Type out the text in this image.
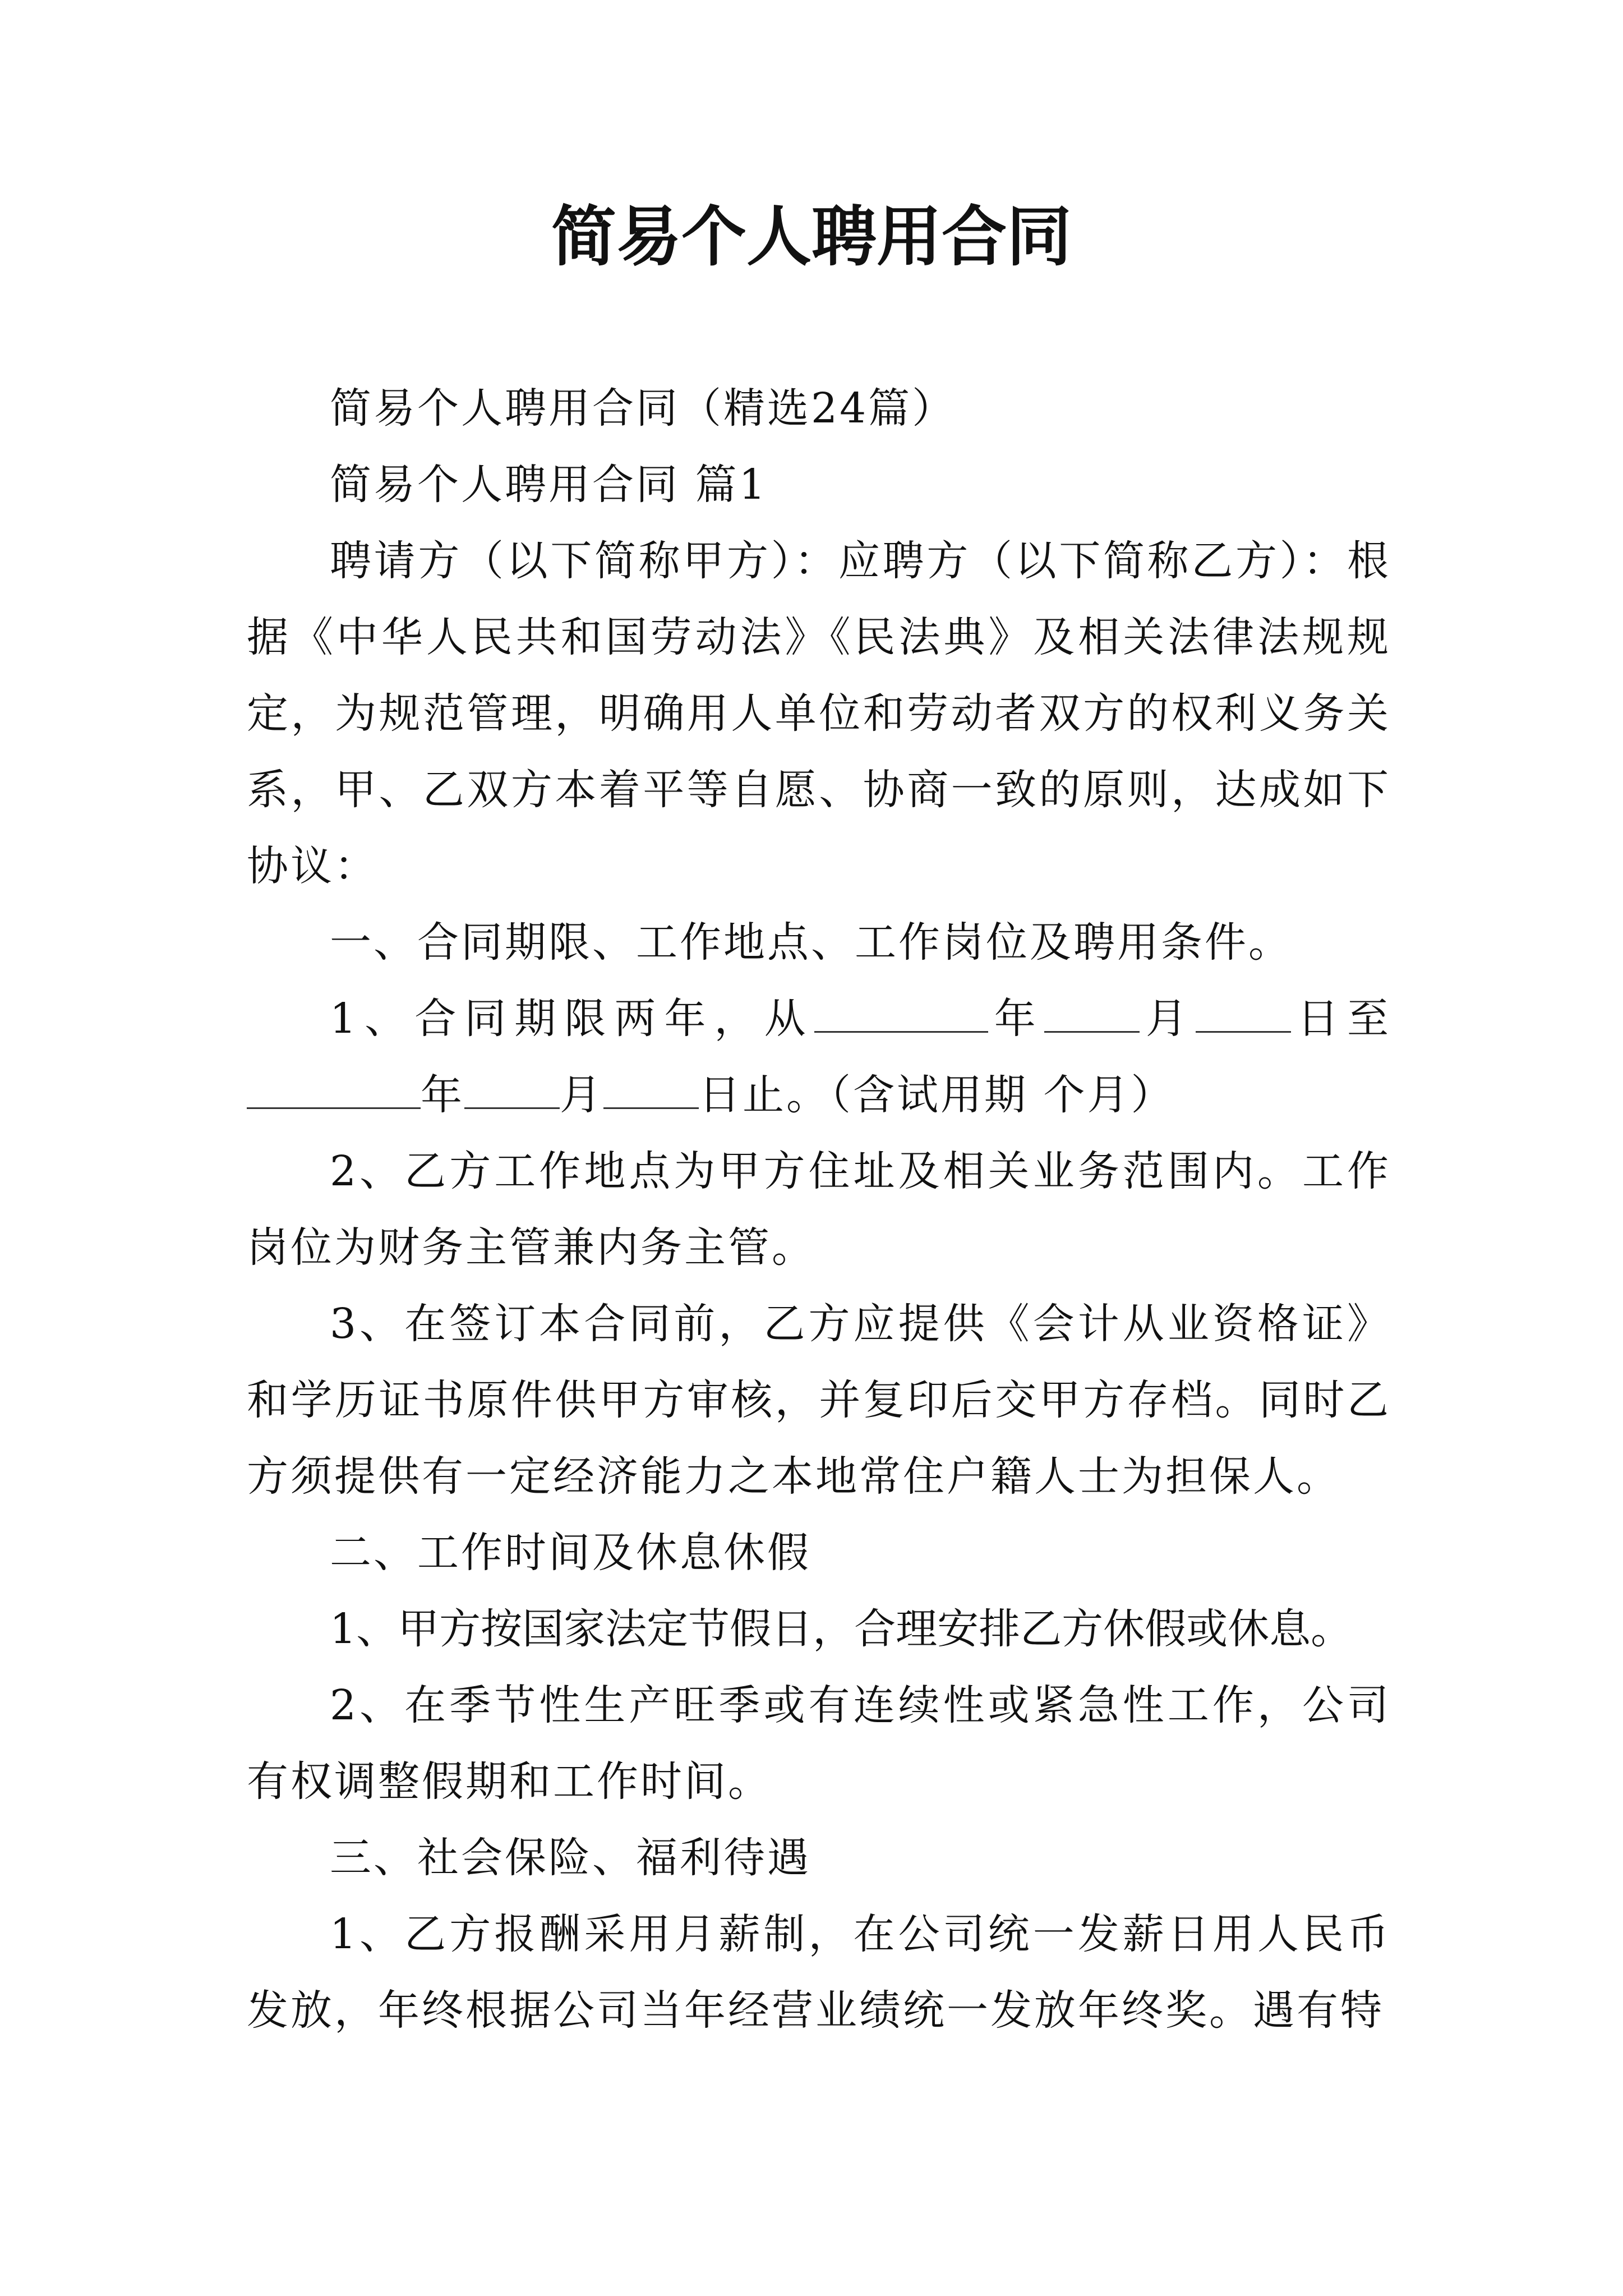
简易个人聘用合同

简易个人聘用合同（精选24篇）

简易个人聘用合同 篇1

聘请方（以下简称甲方）：应聘方（以下简称乙方）：根据《中华人民共和国劳动法》《民法典》及相关法律法规规定，为规范管理，明确用人单位和劳动者双方的权利义务关系，甲、乙双方本着平等自愿、协商一致的原则，达成如下协议：

一、合同期限、工作地点、工作岗位及聘用条件。

1、合同期限两年，从	年 月 日至年 月 日止。（含试用期 个月）

2、乙方工作地点为甲方住址及相关业务范围内。工作岗位为财务主管兼内务主管。

3、在签订本合同前，乙方应提供《会计从业资格证》和学历证书原件供甲方审核，并复印后交甲方存档。同时乙方须提供有一定经济能力之本地常住户籍人士为担保人。

二、工作时间及休息休假

1、甲方按国家法定节假日，合理安排乙方休假或休息。

2、在季节性生产旺季或有连续性或紧急性工作，公司有权调整假期和工作时间。

三、社会保险、福利待遇

1、乙方报酬采用月薪制，在公司统一发薪日用人民币发放，年终根据公司当年经营业绩统一发放年终奖。遇有特
